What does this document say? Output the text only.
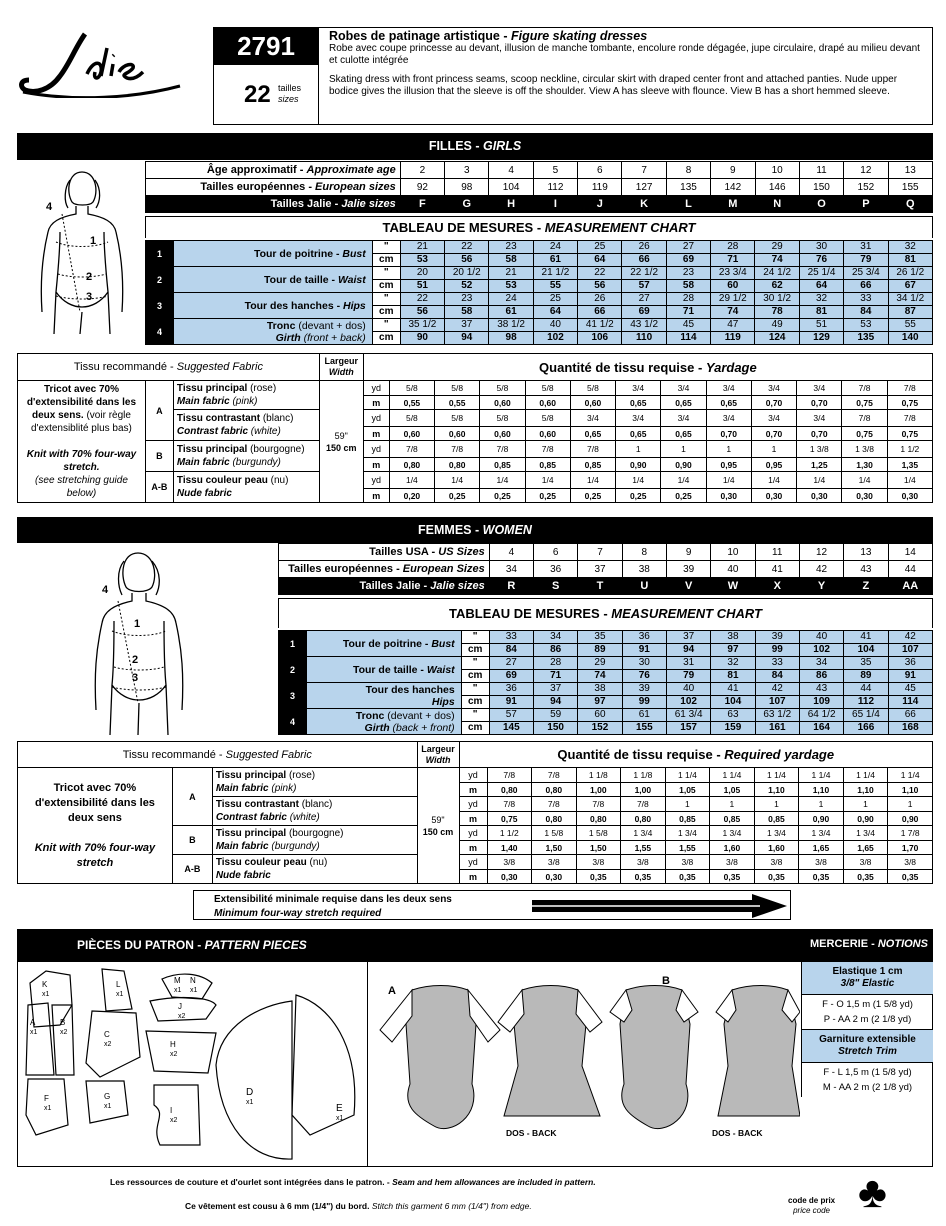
Jalie
2791
22 tailles
sizes
Robes de patinage artistique - Figure skating dresses

Robe avec coupe princesse au devant, illusion de manche tombante, encolure ronde dégagée, jupe circulaire, drapé au milieu devant et culotte intégrée

Skating dress with front princess seams, scoop neckline, circular skirt with draped center front and attached panties. Nude upper bodice gives the illusion that the sleeve is off the shoulder. View A has sleeve with flounce. View B has a short hemmed sleeve.

FILLES - GIRLS
4
1
2
3
Âge approximatif - Approximate age	2	3	4	5	6	7	8	9	10	11	12	13
Tailles européennes - European sizes	92	98	104	112	119	127	135	142	146	150	152	155
Tailles Jalie - Jalie sizes	F	G	H	I	J	K	L	M	N	O	P	Q
TABLEAU DE MESURES - MEASUREMENT CHART
1	Tour de poitrine - Bust	"	21	22	23	24	25	26	27	28	29	30	31	32
		cm	53	56	58	61	64	66	69	71	74	76	79	81
2	Tour de taille - Waist	"	20	20 1/2	21	21 1/2	22	22 1/2	23	23 3/4	24 1/2	25 1/4	25 3/4	26 1/2
		cm	51	52	53	55	56	57	58	60	62	64	66	67
3	Tour des hanches - Hips	"	22	23	24	25	26	27	28	29 1/2	30 1/2	32	33	34 1/2
		cm	56	58	61	64	66	69	71	74	78	81	84	87
4	Tronc (devant + dos)
Girth (front + back)	"	35 1/2	37	38 1/2	40	41 1/2	43 1/2	45	47	49	51	53	55
		cm	90	94	98	102	106	110	114	119	124	129	135	140
Tissu recommandé - Suggested Fabric			Largeur
Width	Quantité de tissu requise - Yardage												
Tricot avec 70% d'extensibilité dans les deux sens. (voir règle d'extensiblité plus bas)

Knit with 70% four-way stretch.
(see stretching guide below)	A	Tissu principal (rose)
Main fabric (pink)	59"
150 cm	yd	5/8	5/8	5/8	5/8	5/8	3/4	3/4	3/4	3/4	3/4	7/8	7/8
				m	0,55	0,55	0,60	0,60	0,60	0,65	0,65	0,65	0,70	0,70	0,75	0,75
		Tissu contrastant (blanc)
Contrast fabric (white)		yd	5/8	5/8	5/8	5/8	3/4	3/4	3/4	3/4	3/4	3/4	7/8	7/8
				m	0,60	0,60	0,60	0,60	0,65	0,65	0,65	0,70	0,70	0,70	0,75	0,75
	B	Tissu principal (bourgogne)
Main fabric (burgundy)		yd	7/8	7/8	7/8	7/8	7/8	1	1	1	1	1 3/8	1 3/8	1 1/2
				m	0,80	0,80	0,85	0,85	0,85	0,90	0,90	0,95	0,95	1,25	1,30	1,35
	A-B	Tissu couleur peau (nu)
Nude fabric		yd	1/4	1/4	1/4	1/4	1/4	1/4	1/4	1/4	1/4	1/4	1/4	1/4
				m	0,20	0,25	0,25	0,25	0,25	0,25	0,25	0,30	0,30	0,30	0,30	0,30
FEMMES - WOMEN
4
1
2
3
Tailles USA - US Sizes	4	6	7	8	9	10	11	12	13	14
Tailles européennes - European Sizes	34	36	37	38	39	40	41	42	43	44
Tailles Jalie - Jalie sizes	R	S	T	U	V	W	X	Y	Z	AA
TABLEAU DE MESURES - MEASUREMENT CHART
1	Tour de poitrine - Bust	"	33	34	35	36	37	38	39	40	41	42
		cm	84	86	89	91	94	97	99	102	104	107
2	Tour de taille - Waist	"	27	28	29	30	31	32	33	34	35	36
		cm	69	71	74	76	79	81	84	86	89	91
3	Tour des hanches
Hips	"	36	37	38	39	40	41	42	43	44	45
		cm	91	94	97	99	102	104	107	109	112	114
4	Tronc (devant + dos)
Girth (back + front)	"	57	59	60	61	61 3/4	63	63 1/2	64 1/2	65 1/4	66
		cm	145	150	152	155	157	159	161	164	166	168
Tissu recommandé - Suggested Fabric			Largeur
Width	Quantité de tissu requise - Required yardage										
Tricot avec 70% d'extensibilité dans les deux sens

Knit with 70% four-way stretch	A	Tissu principal (rose)
Main fabric (pink)	59"
150 cm	yd	7/8	7/8	1 1/8	1 1/8	1 1/4	1 1/4	1 1/4	1 1/4	1 1/4	1 1/4
				m	0,80	0,80	1,00	1,00	1,05	1,05	1,10	1,10	1,10	1,10
		Tissu contrastant (blanc)
Contrast fabric (white)		yd	7/8	7/8	7/8	7/8	1	1	1	1	1	1
				m	0,75	0,80	0,80	0,80	0,85	0,85	0,85	0,90	0,90	0,90
	B	Tissu principal (bourgogne)
Main fabric (burgundy)		yd	1 1/2	1 5/8	1 5/8	1 3/4	1 3/4	1 3/4	1 3/4	1 3/4	1 3/4	1 7/8
				m	1,40	1,50	1,50	1,55	1,55	1,60	1,60	1,65	1,65	1,70
	A-B	Tissu couleur peau (nu)
Nude fabric		yd	3/8	3/8	3/8	3/8	3/8	3/8	3/8	3/8	3/8	3/8
				m	0,30	0,30	0,35	0,35	0,35	0,35	0,35	0,35	0,35	0,35
Extensibilité minimale requise dans les deux sens
Minimum four-way stretch required
PIÈCES DU PATRON - PATTERN PIECES	MERCERIE - NOTIONS
K
x1
L
x1
M
x1
N
x1
A
x1
B
x2	C
x2
J
x2
H
x2
I
x2
F
x1
G
x1
D
x1
E
x1
A
B
DOS - BACK	DOS - BACK
Elastique 1 cm
3/8" Elastic
F - O 1,5 m (1 5/8 yd)
P - AA 2 m (2 1/8 yd)
Garniture extensible
Stretch Trim
F - L 1,5 m (1 5/8 yd)
M - AA 2 m (2 1/8 yd)
Les ressources de couture et d'ourlet sont intégrées dans le patron. - Seam and hem allowances are included in pattern.
Ce vêtement est cousu à 6 mm (1/4") du bord. Stitch this garment 6 mm (1/4") from edge.
code de prix
price code ♣
